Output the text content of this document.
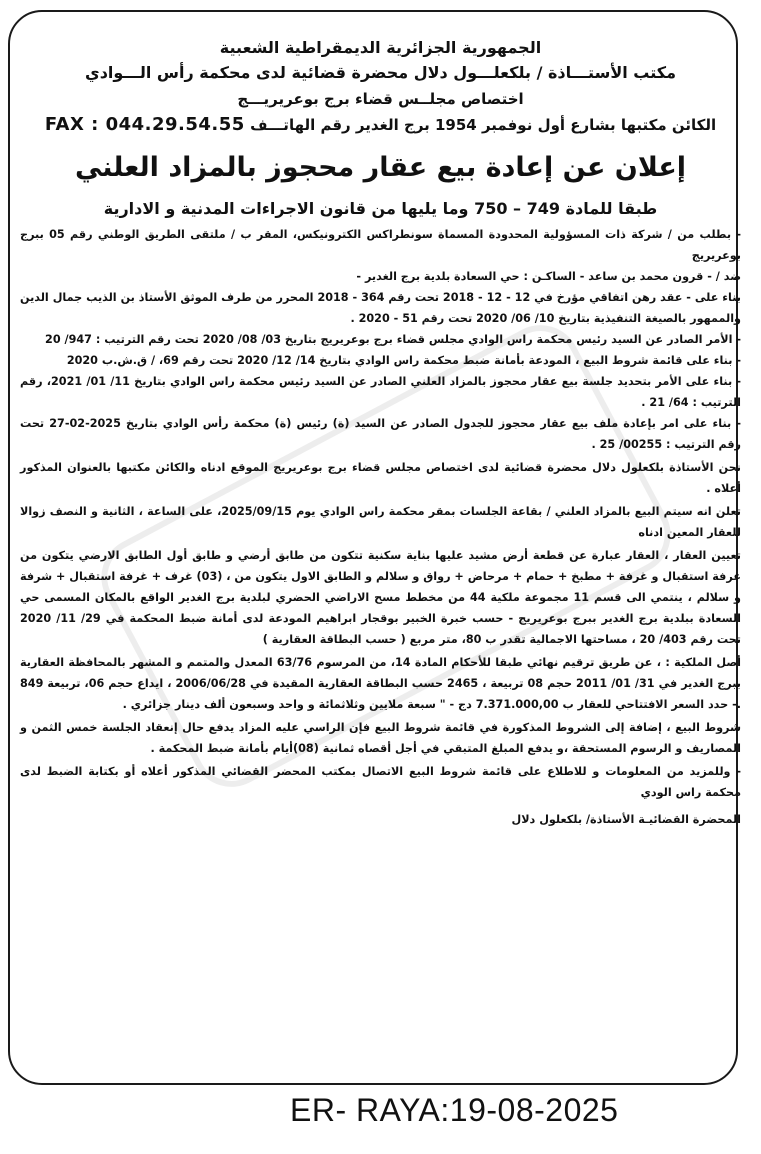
الجمهورية الجزائرية الديمقراطية الشعبية

مكتب الأستـــاذة / بلكعلـــول دلال محضرة قضائية لدى محكمة رأس الـــوادي

اختصاص مجلــس قضاء برج بوعريريـــج

الكائن مكتبها بشارع أول نوفمبر 1954 برج الغدير رقم الهاتـــف FAX : 044.29.54.55

إعلان عن إعادة بيع عقار محجوز بالمزاد العلني

طبقا للمادة 749 – 750 وما يليها من قانون الاجراءات المدنية و الادارية

- بطلب من / شركة ذات المسؤولية المحدودة المسماة سونطراكس الكترونيكس، المقر ب / ملتقى الطريق الوطني رقم 05 ببرج بوعريريج

ضد / - قرون محمد بن ساعد - الساكـن : حي السعادة بلدية برج الغدير -

بناء على - عقد رهن اتفاقي مؤرخ في 12 - 12 - 2018 تحت رقم 364 - 2018 المحرر من طرف الموثق الأستاذ بن الذيب جمال الدين والممهور بالصيغة التنفيذية بتاريخ 10/ 06/ 2020 تحت رقم 51 - 2020 .

- الأمر الصادر عن السيد رئيس محكمة راس الوادي مجلس قضاء برج بوعريريج بتاريخ 03/ 08/ 2020 تحت رقم الترتيب : 947/ 20

- بناء على قائمة شروط البيع ، المودعة بأمانة ضبط محكمة راس الوادي بتاريخ 14/ 12/ 2020 تحت رقم 69، / ق.ش.ب 2020

- بناء على الأمر بتحديد جلسة بيع عقار محجوز بالمزاد العلني الصادر عن السيد رئيس محكمة راس الوادي بتاريخ 11/ 01/ 2021، رقم الترتيب : 64/ 21 .

- بناء على امر بإعادة ملف بيع عقار محجوز للجدول الصادر عن السيد (ة) رئيس (ة) محكمة رأس الوادي بتاريخ 2025-02-27 تحت رقم الترتيب : 00255/ 25 .

نحن الأستاذة بلكعلول دلال محضرة قضائية لدى اختصاص مجلس قضاء برج بوعريريج الموقع ادناه والكائن مكتبها بالعنوان المذكور أعلاه .

تعلن انه سيتم البيع بالمزاد العلني / بقاعة الجلسات بمقر محكمة راس الوادي يوم 2025/09/15، على الساعة ، الثانية و النصف زوالا للعقار المعين ادناه

تعيين العقار ، العقار عبارة عن قطعة أرض مشيد عليها بناية سكنية تتكون من طابق أرضي و طابق أول الطابق الارضي يتكون من غرفة استقبال و غرفة + مطبخ + حمام + مرحاض + رواق و سلالم و الطابق الاول يتكون من ، (03) غرف + غرفة استقبال + شرفة و سلالم ، ينتمي الى قسم 11 مجموعة ملكية 44 من مخطط مسح الاراضي الحضري لبلدية برج الغدير الواقع بالمكان المسمى حي السعادة ببلدية برج الغدير ببرج بوعريريج - حسب خبرة الخبير بوقجار ابراهيم المودعة لدى أمانة ضبط المحكمة في 29/ 11/ 2020 تحت رقم 403/ 20 ، مساحتها الاجمالية تقدر ب 80، متر مربع ( حسب البطاقة العقارية )

أصل الملكية : ، عن طريق ترقيم نهائي طبقا للأحكام المادة 14، من المرسوم 63/76 المعدل والمتمم و المشهر بالمحافظة العقارية ببرج الغدير في 31/ 01/ 2011 حجم 08 تربيعة ، 2465 حسب البطاقة العقارية المقيدة في 2006/06/28 ، ايداع حجم 06، تربيعة 849 .- حدد السعر الافتتاحي للعقار ب 7.371.000,00 دج - " سبعة ملايين وثلاثمائة و واحد وسبعون ألف دينار جزائري .

شروط البيع ، إضافة إلى الشروط المذكورة في قائمة شروط البيع فإن الراسي عليه المزاد يدفع حال إنعقاد الجلسة خمس الثمن و المصاريف و الرسوم المستحقة ،و يدفع المبلغ المتبقي في أجل أقصاه ثمانية (08)أيام بأمانة ضبط المحكمة .

- وللمزيد من المعلومات و للاطلاع على قائمة شروط البيع الاتصال بمكتب المحضر القضائي المذكور أعلاه أو بكتابة الضبط لدى محكمة راس الودي

المحضرة القضائيـة الأستاذة/ بلكعلول دلال

ER- RAYA:19-08-2025
